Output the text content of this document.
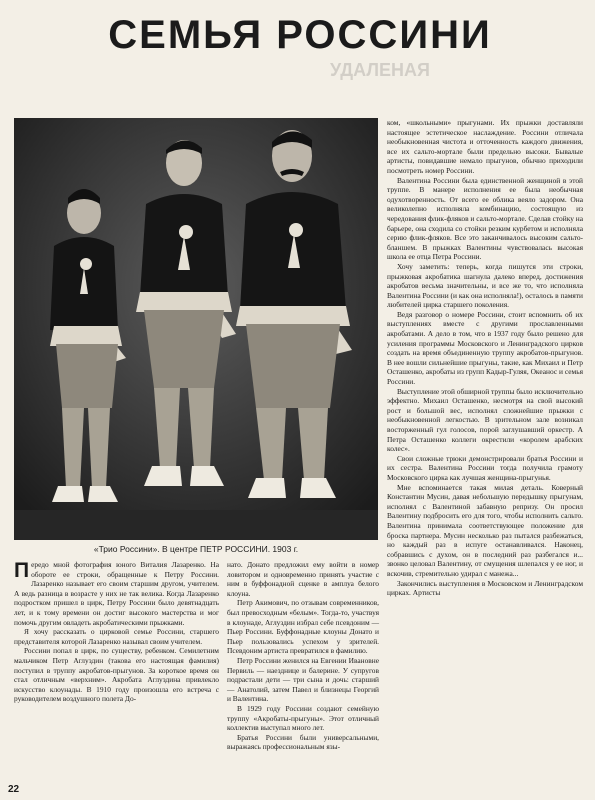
УДАЛЕНАЯ
СЕМЬЯ РОССИНИ
«Трио Россини». В центре ПЕТР РОССИНИ. 1903 г.

Передо мной фотография юного Виталия Лазаренко. На обороте ее строки, обращенные к Петру Россини. Лазаренко называет его своим старшим другом, учителем. А ведь разница в возрасте у них не так велика. Когда Лазаренко подростком пришел в цирк, Петру Россини было девятнадцать лет, и к тому времени он достиг высокого мастерства и мог помочь другим овладеть акробатическими прыжками.

Я хочу рассказать о цирковой семье Россини, старшего представителя которой Лазаренко называл своим учителем.

Россини попал в цирк, по существу, ребенком. Семилетним мальчиком Петр Аглуздин (такова его настоящая фамилия) поступил в труппу акробатов-прыгунов. За короткое время он стал отличным «верхним». Акробата Аглуздина привлекло искусство клоунады. В 1910 году произошла его встреча с руководителем воздушного полета До-

нато. Донато предложил ему войти в номер ловитором и одновременно принять участие с ним в буффонадной сценке в амплуа белого клоуна.

Петр Акимович, по отзывам современников, был превосходным «белым». Тогда-то, участвуя в клоунаде, Аглуздин избрал себе псевдоним — Пьер Россини. Буффонадные клоуны Донато и Пьер пользовались успехом у зрителей. Псевдоним артиста превратился в фамилию.

Петр Россини женился на Евгении Ивановне Первиль — наезднице и балерине. У супругов подрастали дети — три сына и дочь: старший — Анатолий, затем Павел и близнецы Георгий и Валентина.

В 1929 году Россини создают семейную труппу «Акробаты-прыгуны». Этот отличный коллектив выступал много лет.

Братья Россини были универсальными, выражаясь профессиональным язы-

ком, «школьными» прыгунами. Их прыжки доставляли настоящее эстетическое наслаждение. Россини отличала необыкновенная чистота и отточенность каждого движения, все их сальто-мортале были предельно высоки. Бывалые артисты, повидавшие немало прыгунов, обычно приходили посмотреть номер Россини.

Валентина Россини была единственной женщиной в этой труппе. В манере исполнения ее была необычная одухотворенность. От всего ее облика веяло задором. Она великолепно исполняла комбинацию, состоящую из чередования флик-фляков и сальто-мортале. Сделав стойку на барьере, она сходила со стойки резким курбетом и исполняла серию флик-фляков. Все это заканчивалось высоким сальто-бланшем. В прыжках Валентины чувствовалась высокая школа ее отца Петра Россини.

Хочу заметить: теперь, когда пишутся эти строки, прыжковая акробатика шагнула далеко вперед, достижения акробатов весьма значительны, и все же то, что исполняла Валентина Россини (и как она исполняла!), осталось в памяти любителей цирка старшего поколения.

Ведя разговор о номере Россини, стоит вспомнить об их выступлениях вместе с другими прославленными акробатами. А дело в том, что в 1937 году было решено для усиления программы Московского и Ленинградского цирков создать на время объединенную труппу акробатов-прыгунов. В нее вошли сильнейшие прыгуны, такие, как Михаил и Петр Осташенко, акробаты из групп Кадыр-Гуляя, Океанос и семья Россини.

Выступление этой обширной труппы было исключительно эффектно. Михаил Осташенко, несмотря на свой высокий рост и большой вес, исполнял сложнейшие прыжки с необыкновенной легкостью. В зрительном зале возникал восторженный гул голосов, порой заглушавший оркестр. А Петра Осташенко коллеги окрестили «королем арабских колес».

Свои сложные трюки демонстрировали братья Россини и их сестра. Валентина Россини тогда получила грамоту Московского цирка как лучшая женщина-прыгунья.

Мне вспоминается такая милая деталь. Коверный Константин Мусин, давая небольшую передышку прыгунам, исполнял с Валентиной забавную репризу. Он просил Валентину подбросить его для того, чтобы исполнить сальто. Валентина принимала соответствующее положение для броска партнера. Мусин несколько раз пытался разбежаться, но каждый раз в испуге останавливался. Наконец, собравшись с духом, он в последний раз разбегался и... звонко целовал Валентину, от смущения шлепался у ее ног, и вскочив, стремительно удирал с манежа...

Закончились выступления в Московском и Ленинградском цирках. Артисты

22
